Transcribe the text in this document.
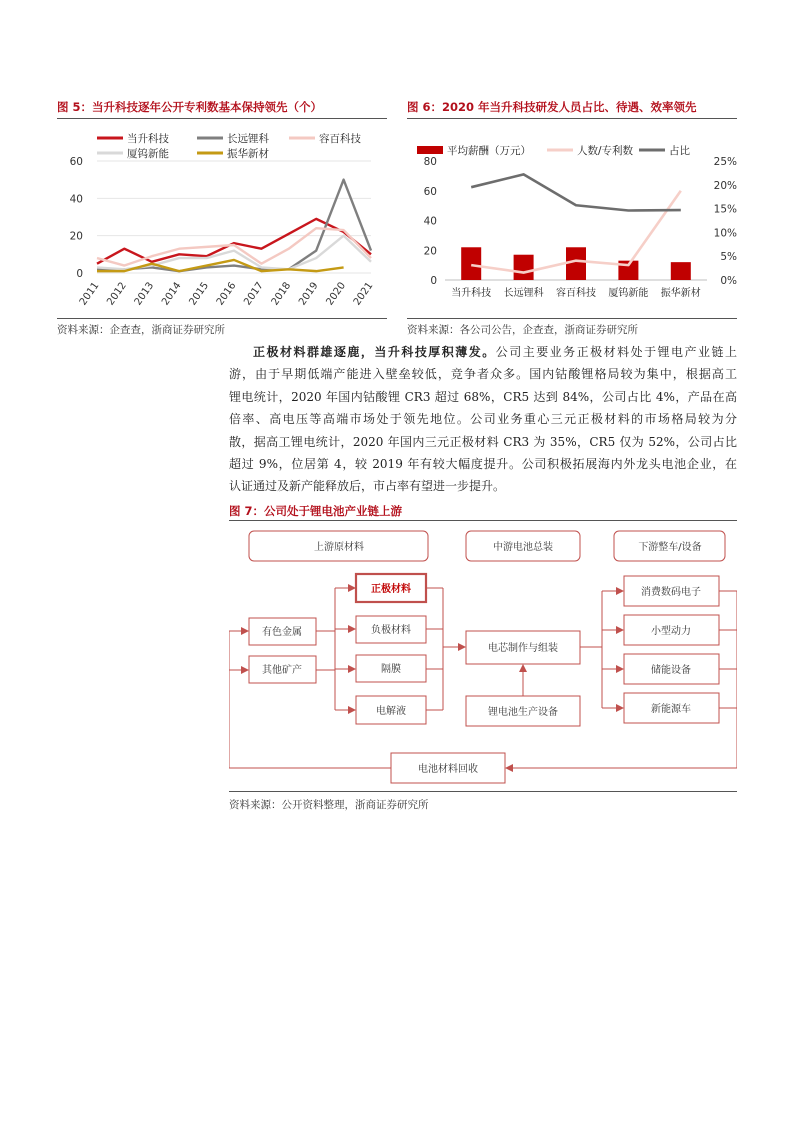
图 5：当升科技逐年公开专利数基本保持领先（个）
0
20
40
60
2011 2012 2013 2014 2015 2016 2017 2018 2019 2020 2021
当升科技	长远锂科	容百科技
厦钨新能	振华新材
资料来源：企查查，浙商证券研究所
图 6：2020 年当升科技研发人员占比、待遇、效率领先
0
20
40
60
80
0%
5%
10%
15%
20%
25%
当升科技 长远锂科 容百科技 厦钨新能 振华新材
平均薪酬（万元）	人数/专利数	占比
资料来源：各公司公告，企查查，浙商证券研究所
正极材料群雄逐鹿，当升科技厚积薄发。公司主要业务正极材料处于锂电产业链上
游，由于早期低端产能进入壁垒较低，竞争者众多。国内钴酸锂格局较为集中，根据高工
锂电统计，2020 年国内钴酸锂 CR3 超过 68%，CR5 达到 84%，公司占比 4%，产品在高
倍率、高电压等高端市场处于领先地位。公司业务重心三元正极材料的市场格局较为分
散，据高工锂电统计，2020 年国内三元正极材料 CR3 为 35%，CR5 仅为 52%，公司占比
超过 9%，位居第 4，较 2019 年有较大幅度提升。公司积极拓展海内外龙头电池企业，在
认证通过及新产能释放后，市占率有望进一步提升。
图 7：公司处于锂电池产业链上游
上游原材料	中游电池总装	下游整车/设备
有色金属
其他矿产
正极材料
负极材料
隔膜
电解液
电芯制作与组装
锂电池生产设备
消费数码电子
小型动力
储能设备
新能源车
电池材料回收
资料来源：公开资料整理，浙商证券研究所
